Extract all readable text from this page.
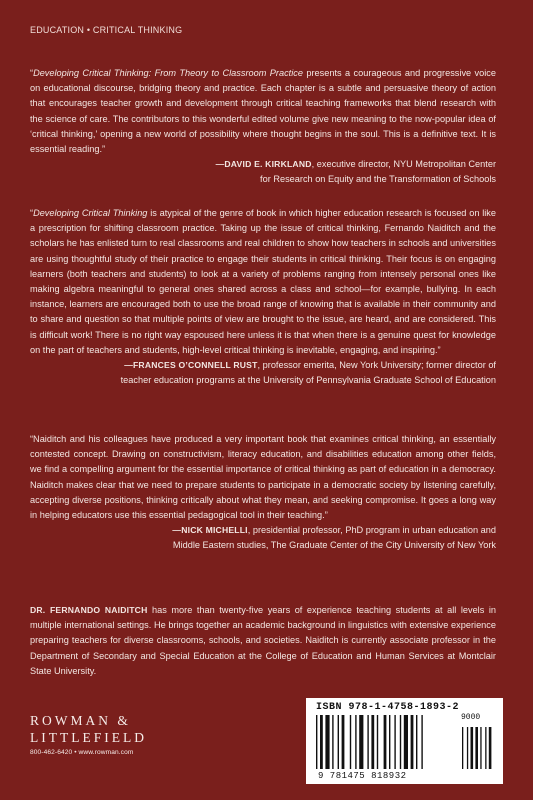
EDUCATION • CRITICAL THINKING

“Developing Critical Thinking: From Theory to Classroom Practice presents a courageous and progressive voice on educational discourse, bridging theory and practice. Each chapter is a subtle and persuasive theory of action that encourages teacher growth and development through critical teaching frameworks that blend research with the science of care. The contributors to this wonderful edited volume give new meaning to the now-popular idea of ‘critical thinking,’ opening a new world of possibility where thought begins in the soul. This is a definitive text. It is essential reading.”

—DAVID E. KIRKLAND, executive director, NYU Metropolitan Center
for Research on Equity and the Transformation of Schools

“Developing Critical Thinking is atypical of the genre of book in which higher education research is focused on like a prescription for shifting classroom practice. Taking up the issue of critical thinking, Fernando Naiditch and the scholars he has enlisted turn to real classrooms and real children to show how teachers in schools and universities are using thoughtful study of their practice to engage their students in critical thinking. Their focus is on engaging learners (both teachers and students) to look at a variety of problems ranging from intensely personal ones like making algebra meaningful to general ones shared across a class and school—for example, bullying. In each instance, learners are encouraged both to use the broad range of knowing that is available in their community and to share and question so that multiple points of view are brought to the issue, are heard, and are considered. This is difficult work! There is no right way espoused here unless it is that when there is a genuine quest for knowledge on the part of teachers and students, high-level critical thinking is inevitable, engaging, and inspiring.”

—FRANCES O’CONNELL RUST, professor emerita, New York University; former director of
teacher education programs at the University of Pennsylvania Graduate School of Education

“Naiditch and his colleagues have produced a very important book that examines critical thinking, an essentially contested concept. Drawing on constructivism, literacy education, and disabilities education among other fields, we find a compelling argument for the essential importance of critical thinking as part of education in a democracy. Naiditch makes clear that we need to prepare students to participate in a democratic society by listening carefully, accepting diverse positions, thinking critically about what they mean, and seeking compromise. It goes a long way in helping educators use this essential pedagogical tool in their teaching.”

—NICK MICHELLI, presidential professor, PhD program in urban education and
Middle Eastern studies, The Graduate Center of the City University of New York

DR. FERNANDO NAIDITCH has more than twenty-five years of experience teaching students at all levels in multiple international settings. He brings together an academic background in linguistics with extensive experience preparing teachers for diverse classrooms, schools, and societies. Naiditch is currently associate professor in the Department of Secondary and Special Education at the College of Education and Human Services at Montclair State University.
ROWMAN &
LITTLEFIELD
800-462-6420 • www.rowman.com
ISBN 978-1-4758-1893-2
9000
9 781475 818932
